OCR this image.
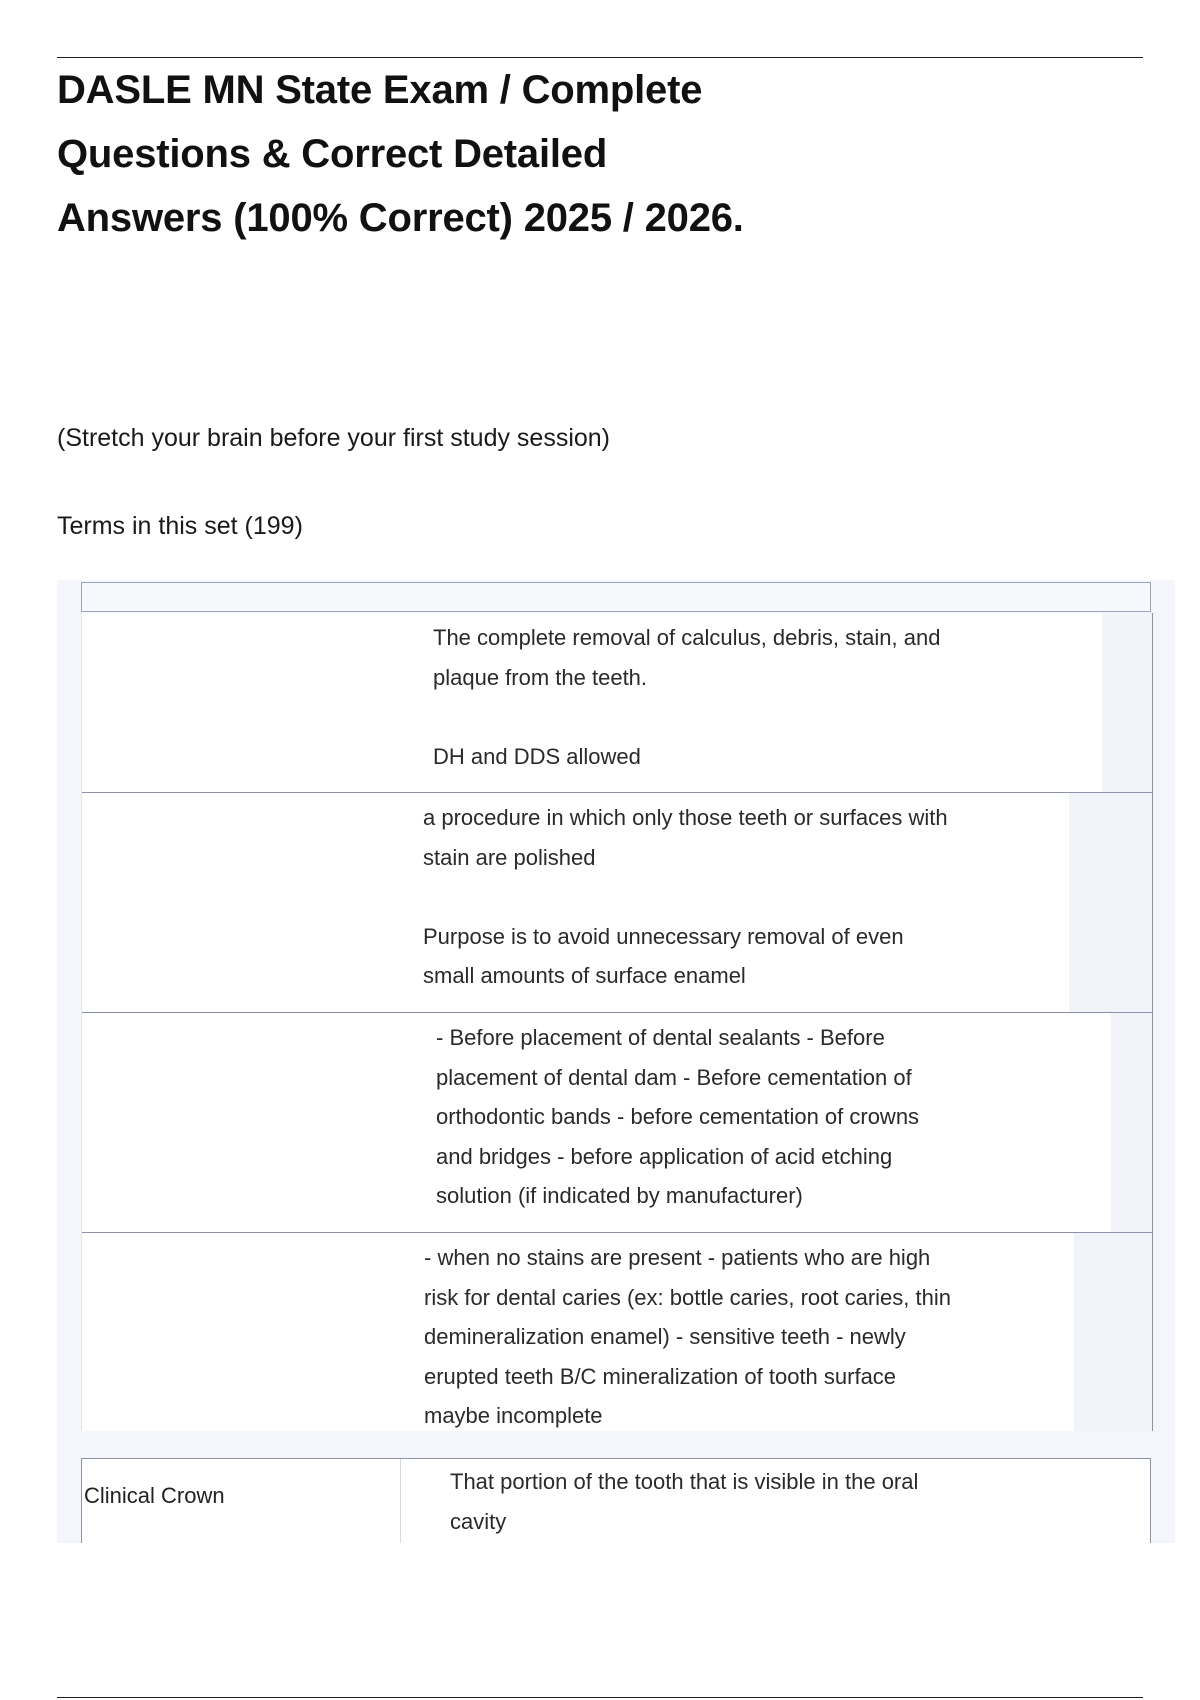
DASLE MN State Exam / Complete Questions & Correct Detailed Answers (100% Correct) 2025 / 2026.
(Stretch your brain before your first study session)
Terms in this set (199)
The complete removal of calculus, debris, stain, and
plaque from the teeth.

DH and DDS allowed
a procedure in which only those teeth or surfaces with
stain are polished

Purpose is to avoid unnecessary removal of even
small amounts of surface enamel
- Before placement of dental sealants - Before
placement of dental dam - Before cementation of
orthodontic bands - before cementation of crowns
and bridges - before application of acid etching
solution (if indicated by manufacturer)
- when no stains are present - patients who are high
risk for dental caries (ex: bottle caries, root caries, thin
demineralization enamel) - sensitive teeth - newly
erupted teeth B/C mineralization of tooth surface
maybe incomplete
Clinical Crown
That portion of the tooth that is visible in the oral
cavity
